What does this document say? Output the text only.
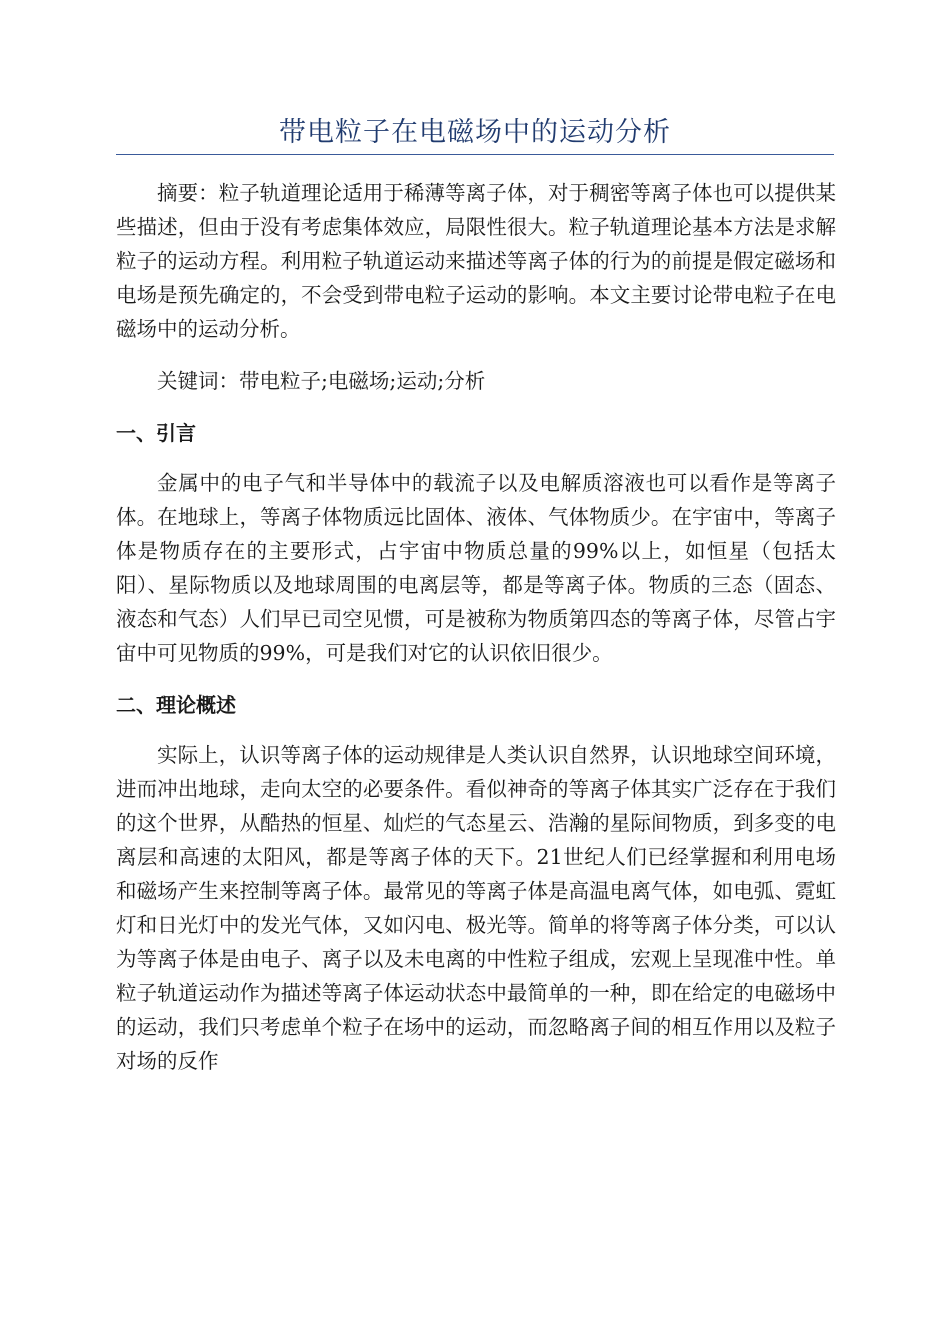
带电粒子在电磁场中的运动分析

摘要：粒子轨道理论适用于稀薄等离子体，对于稠密等离子体也可以提供某些描述，但由于没有考虑集体效应，局限性很大。粒子轨道理论基本方法是求解粒子的运动方程。利用粒子轨道运动来描述等离子体的行为的前提是假定磁场和电场是预先确定的，不会受到带电粒子运动的影响。本文主要讨论带电粒子在电磁场中的运动分析。

关键词：带电粒子;电磁场;运动;分析

一、引言

金属中的电子气和半导体中的载流子以及电解质溶液也可以看作是等离子体。在地球上，等离子体物质远比固体、液体、气体物质少。在宇宙中，等离子体是物质存在的主要形式，占宇宙中物质总量的99%以上，如恒星（包括太阳）、星际物质以及地球周围的电离层等，都是等离子体。物质的三态（固态、液态和气态）人们早已司空见惯，可是被称为物质第四态的等离子体，尽管占宇宙中可见物质的99%，可是我们对它的认识依旧很少。

二、理论概述

实际上，认识等离子体的运动规律是人类认识自然界，认识地球空间环境，进而冲出地球，走向太空的必要条件。看似神奇的等离子体其实广泛存在于我们的这个世界，从酷热的恒星、灿烂的气态星云、浩瀚的星际间物质，到多变的电离层和高速的太阳风，都是等离子体的天下。21世纪人们已经掌握和利用电场和磁场产生来控制等离子体。最常见的等离子体是高温电离气体，如电弧、霓虹灯和日光灯中的发光气体，又如闪电、极光等。简单的将等离子体分类，可以认为等离子体是由电子、离子以及未电离的中性粒子组成，宏观上呈现准中性。单粒子轨道运动作为描述等离子体运动状态中最简单的一种，即在给定的电磁场中的运动，我们只考虑单个粒子在场中的运动，而忽略离子间的相互作用以及粒子对场的反作
